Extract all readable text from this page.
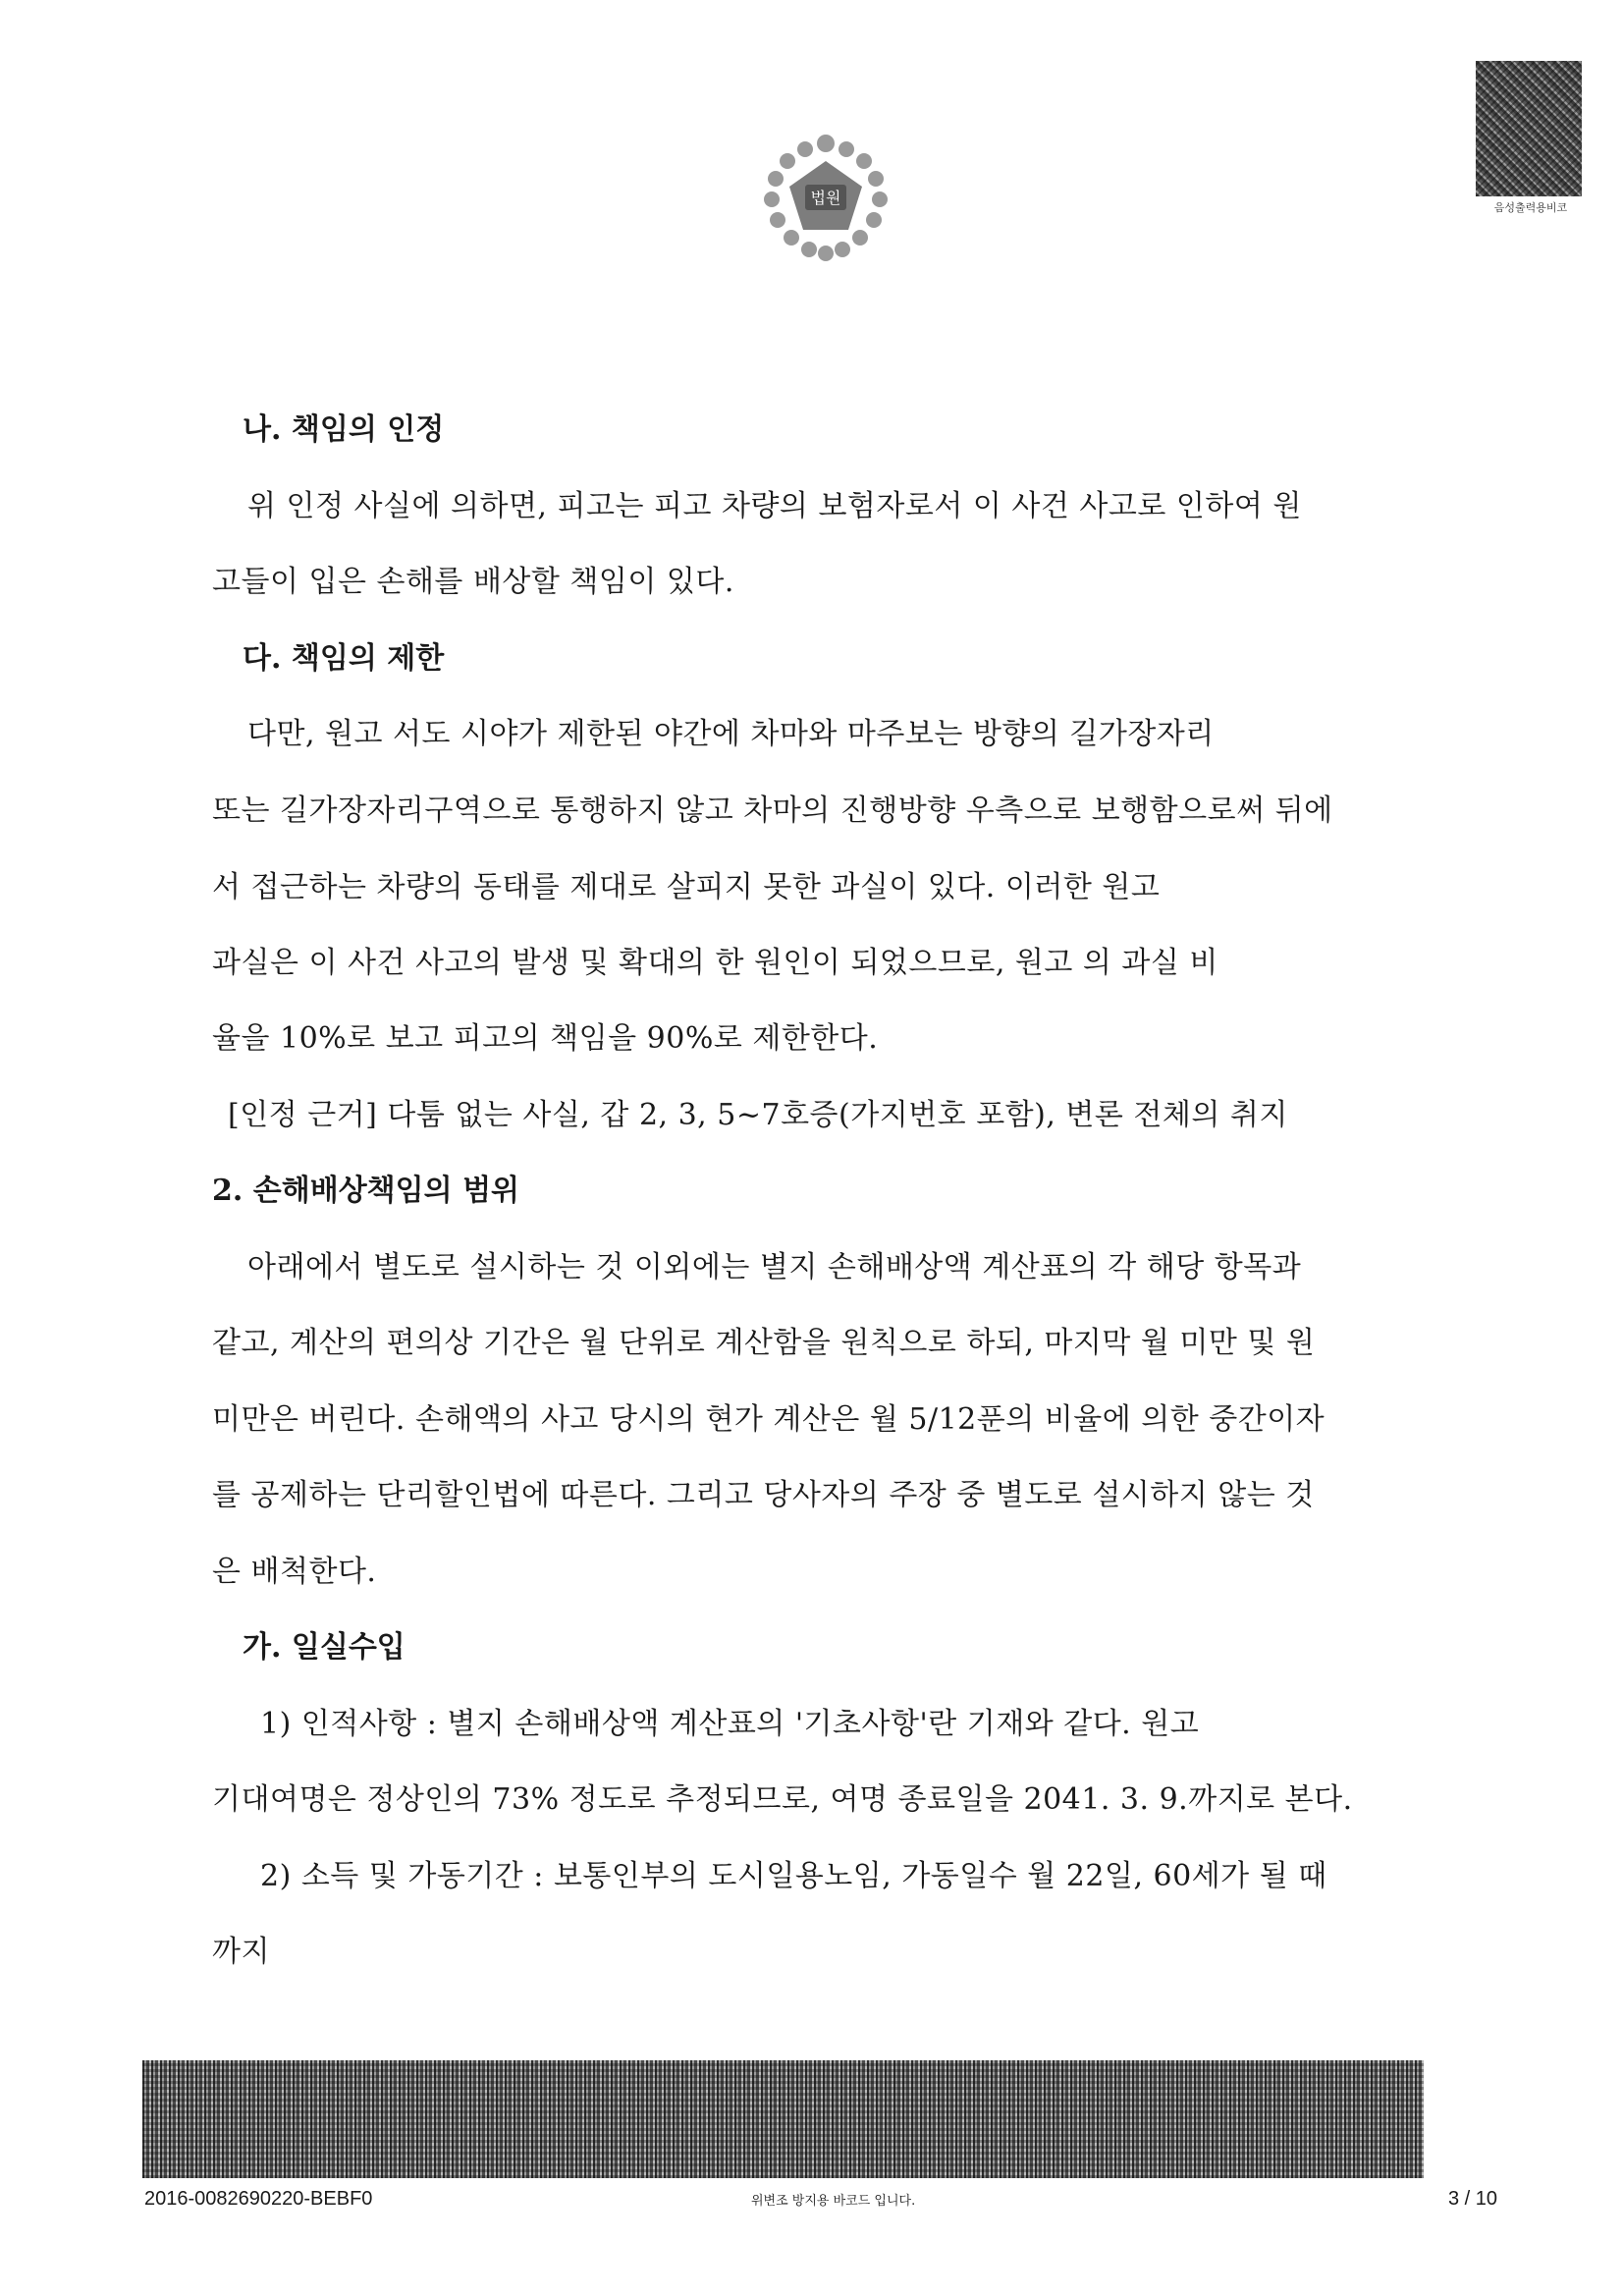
음성출력용비코
법원
나. 책임의 인정
위 인정 사실에 의하면, 피고는 피고 차량의 보험자로서 이 사건 사고로 인하여 원
고들이 입은 손해를 배상할 책임이 있다.
다. 책임의 제한
다만, 원고 서도 시야가 제한된 야간에 차마와 마주보는 방향의 길가장자리
또는 길가장자리구역으로 통행하지 않고 차마의 진행방향 우측으로 보행함으로써 뒤에
서 접근하는 차량의 동태를 제대로 살피지 못한 과실이 있다. 이러한 원고
과실은 이 사건 사고의 발생 및 확대의 한 원인이 되었으므로, 원고 의 과실 비
율을 10%로 보고 피고의 책임을 90%로 제한한다.
[인정 근거] 다툼 없는 사실, 갑 2, 3, 5~7호증(가지번호 포함), 변론 전체의 취지
2. 손해배상책임의 범위
아래에서 별도로 설시하는 것 이외에는 별지 손해배상액 계산표의 각 해당 항목과
같고, 계산의 편의상 기간은 월 단위로 계산함을 원칙으로 하되, 마지막 월 미만 및 원
미만은 버린다. 손해액의 사고 당시의 현가 계산은 월 5/12푼의 비율에 의한 중간이자
를 공제하는 단리할인법에 따른다. 그리고 당사자의 주장 중 별도로 설시하지 않는 것
은 배척한다.
가. 일실수입
1) 인적사항 : 별지 손해배상액 계산표의 '기초사항'란 기재와 같다. 원고
기대여명은 정상인의 73% 정도로 추정되므로, 여명 종료일을 2041. 3. 9.까지로 본다.
2) 소득 및 가동기간 : 보통인부의 도시일용노임, 가동일수 월 22일, 60세가 될 때
까지
2016-0082690220-BEBF0	위변조 방지용 바코드 입니다.	3 / 10
